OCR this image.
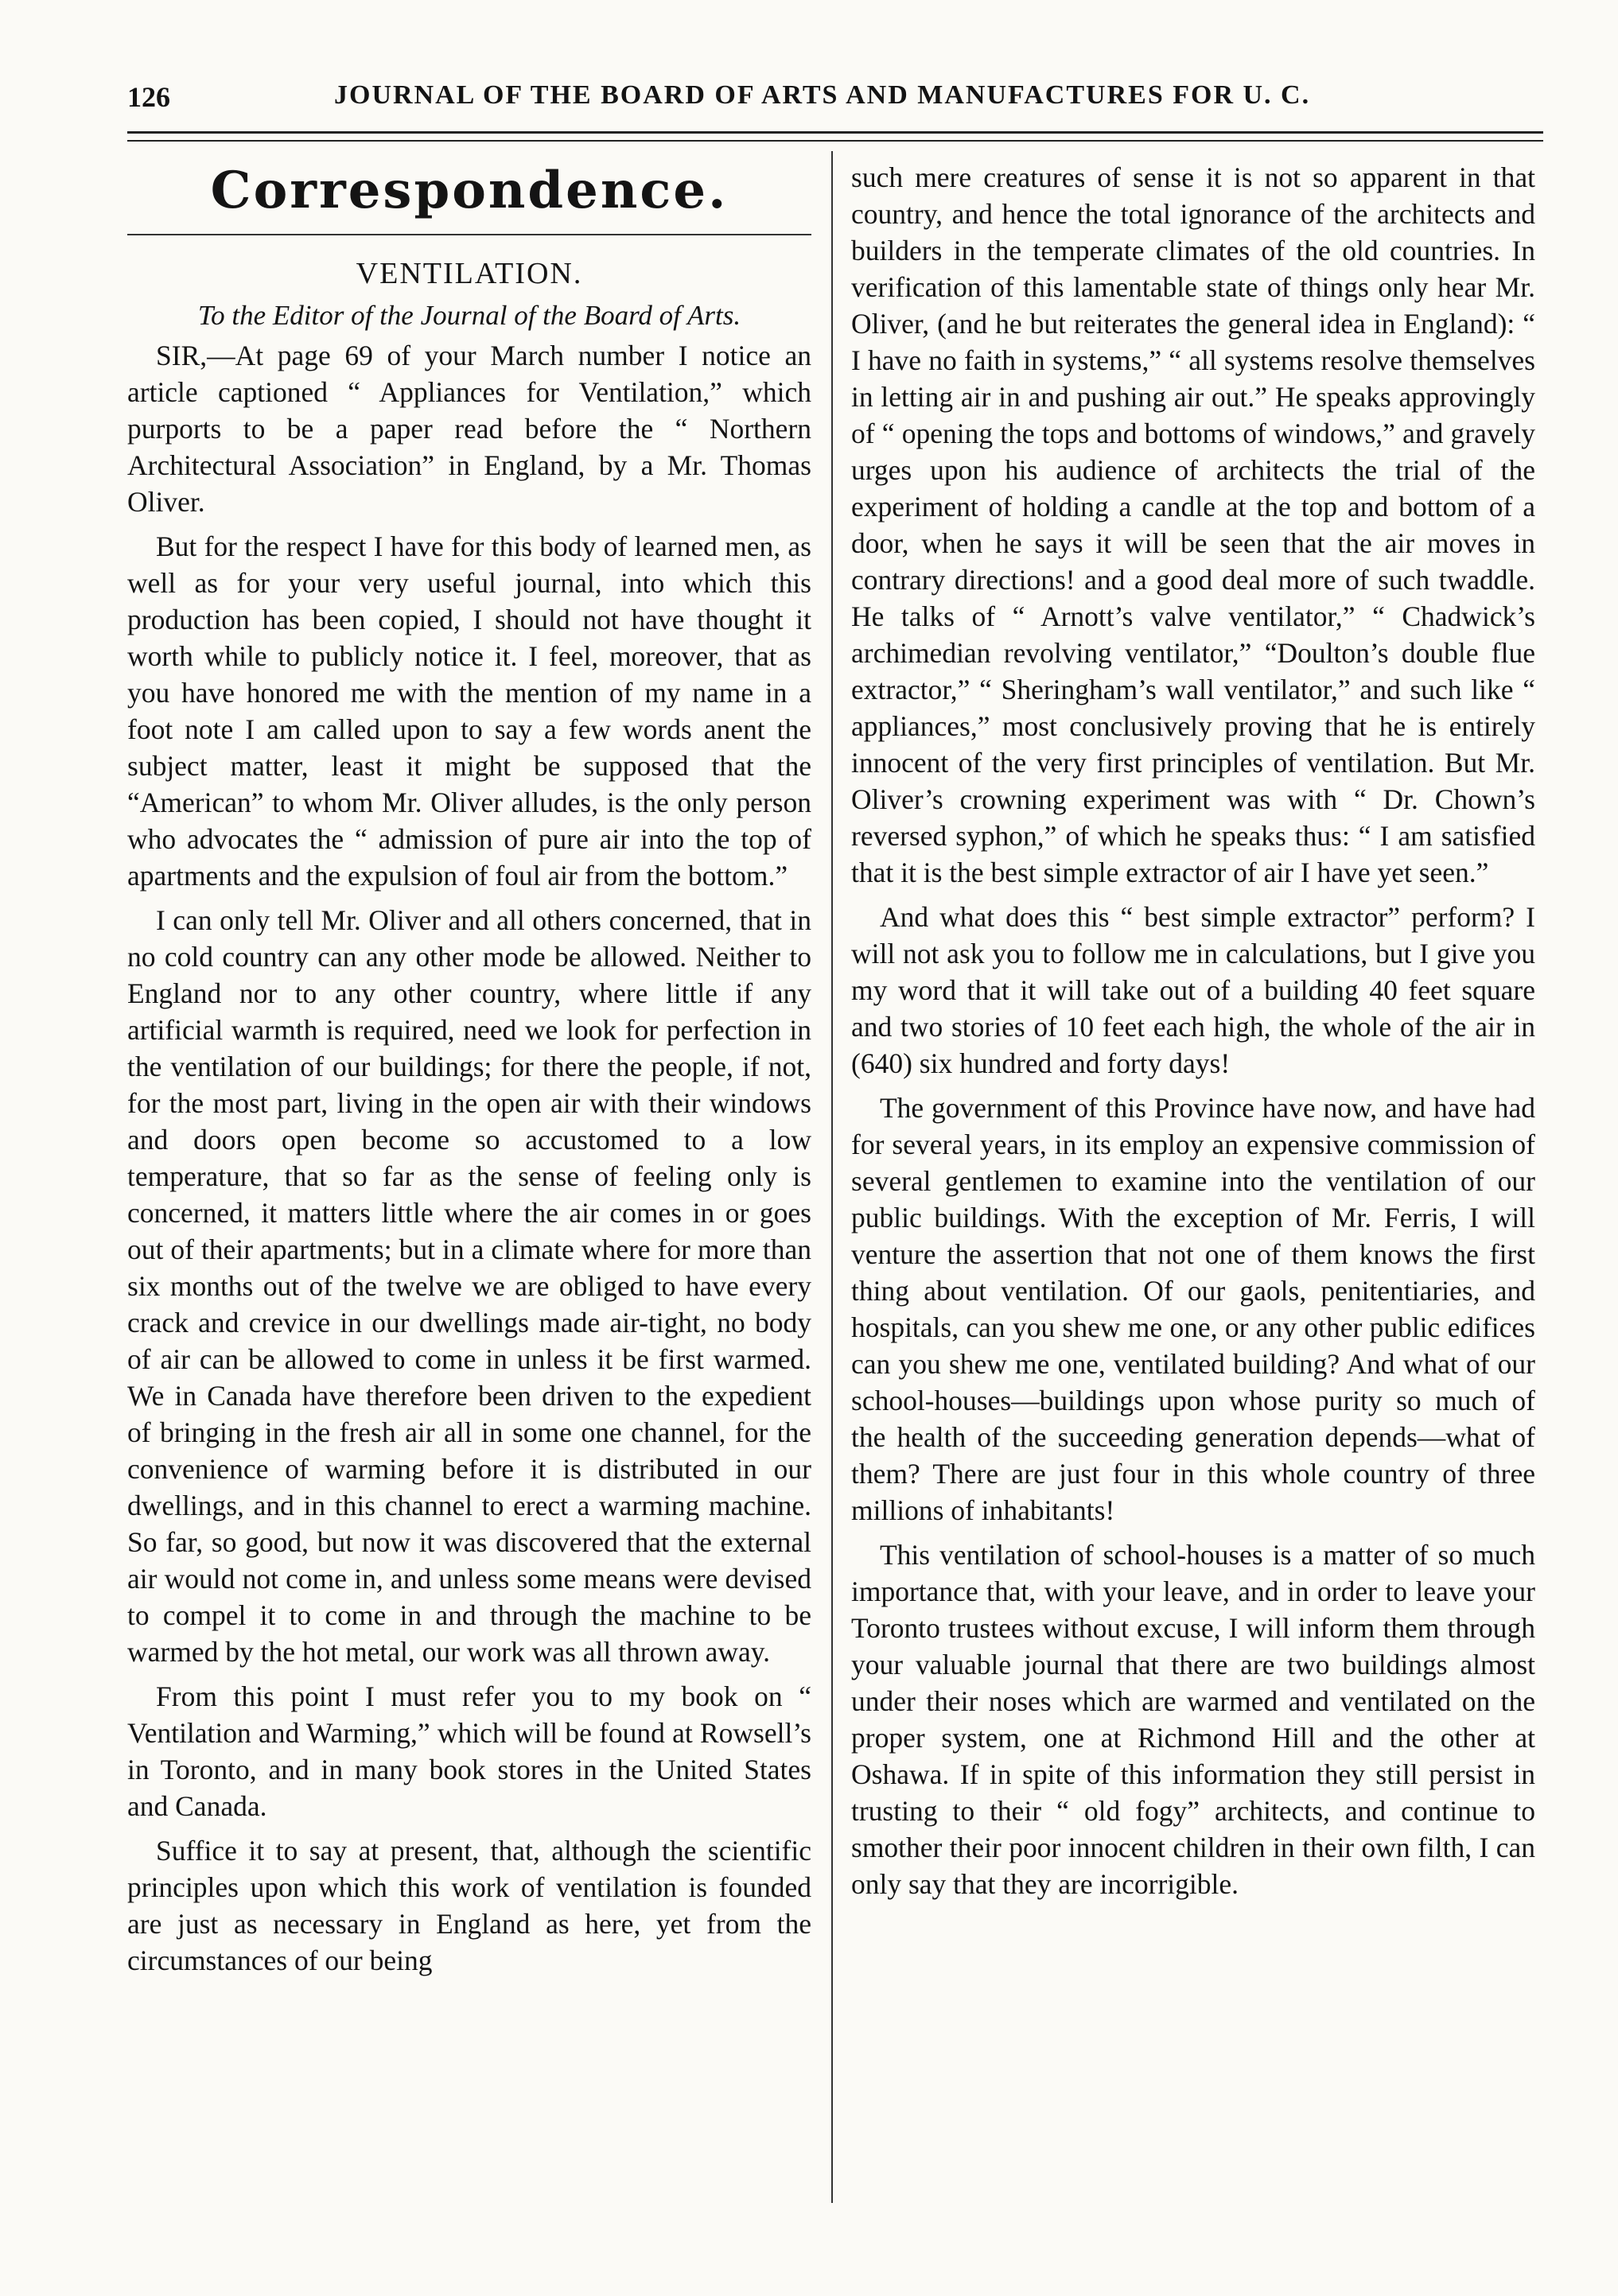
126	JOURNAL OF THE BOARD OF ARTS AND MANUFACTURES FOR U. C.
Correspondence.
VENTILATION.
To the Editor of the Journal of the Board of Arts.

SIR,—At page 69 of your March number I notice an article captioned “ Appliances for Ventilation,” which purports to be a paper read before the “ Northern Architectural Association” in England, by a Mr. Thomas Oliver.

But for the respect I have for this body of learned men, as well as for your very useful journal, into which this production has been copied, I should not have thought it worth while to publicly notice it. I feel, moreover, that as you have honored me with the mention of my name in a foot note I am called upon to say a few words anent the subject matter, least it might be supposed that the “American” to whom Mr. Oliver alludes, is the only person who advocates the “ admission of pure air into the top of apartments and the expulsion of foul air from the bottom.”

I can only tell Mr. Oliver and all others concerned, that in no cold country can any other mode be allowed. Neither to England nor to any other country, where little if any artificial warmth is required, need we look for perfection in the ventilation of our buildings; for there the people, if not, for the most part, living in the open air with their windows and doors open become so accustomed to a low temperature, that so far as the sense of feeling only is concerned, it matters little where the air comes in or goes out of their apartments; but in a climate where for more than six months out of the twelve we are obliged to have every crack and crevice in our dwellings made air-tight, no body of air can be allowed to come in unless it be first warmed. We in Canada have therefore been driven to the expedient of bringing in the fresh air all in some one channel, for the convenience of warming before it is distributed in our dwellings, and in this channel to erect a warming machine. So far, so good, but now it was discovered that the external air would not come in, and unless some means were devised to compel it to come in and through the machine to be warmed by the hot metal, our work was all thrown away.

From this point I must refer you to my book on “ Ventilation and Warming,” which will be found at Rowsell’s in Toronto, and in many book stores in the United States and Canada.

Suffice it to say at present, that, although the scientific principles upon which this work of ventilation is founded are just as necessary in England as here, yet from the circumstances of our being

such mere creatures of sense it is not so apparent in that country, and hence the total ignorance of the architects and builders in the temperate climates of the old countries. In verification of this lamentable state of things only hear Mr. Oliver, (and he but reiterates the general idea in England): “ I have no faith in systems,” “ all systems resolve themselves in letting air in and pushing air out.” He speaks approvingly of “ opening the tops and bottoms of windows,” and gravely urges upon his audience of architects the trial of the experiment of holding a candle at the top and bottom of a door, when he says it will be seen that the air moves in contrary directions! and a good deal more of such twaddle. He talks of “ Arnott’s valve ventilator,” “ Chadwick’s archimedian revolving ventilator,” “Doulton’s double flue extractor,” “ Sheringham’s wall ventilator,” and such like “ appliances,” most conclusively proving that he is entirely innocent of the very first principles of ventilation. But Mr. Oliver’s crowning experiment was with “ Dr. Chown’s reversed syphon,” of which he speaks thus: “ I am satisfied that it is the best simple extractor of air I have yet seen.”

And what does this “ best simple extractor” perform? I will not ask you to follow me in calculations, but I give you my word that it will take out of a building 40 feet square and two stories of 10 feet each high, the whole of the air in (640) six hundred and forty days!

The government of this Province have now, and have had for several years, in its employ an expensive commission of several gentlemen to examine into the ventilation of our public buildings. With the exception of Mr. Ferris, I will venture the assertion that not one of them knows the first thing about ventilation. Of our gaols, penitentiaries, and hospitals, can you shew me one, or any other public edifices can you shew me one, ventilated building? And what of our school-houses—buildings upon whose purity so much of the health of the succeeding generation depends—what of them? There are just four in this whole country of three millions of inhabitants!

This ventilation of school-houses is a matter of so much importance that, with your leave, and in order to leave your Toronto trustees without excuse, I will inform them through your valuable journal that there are two buildings almost under their noses which are warmed and ventilated on the proper system, one at Richmond Hill and the other at Oshawa. If in spite of this information they still persist in trusting to their “ old fogy” architects, and continue to smother their poor innocent children in their own filth, I can only say that they are incorrigible.
